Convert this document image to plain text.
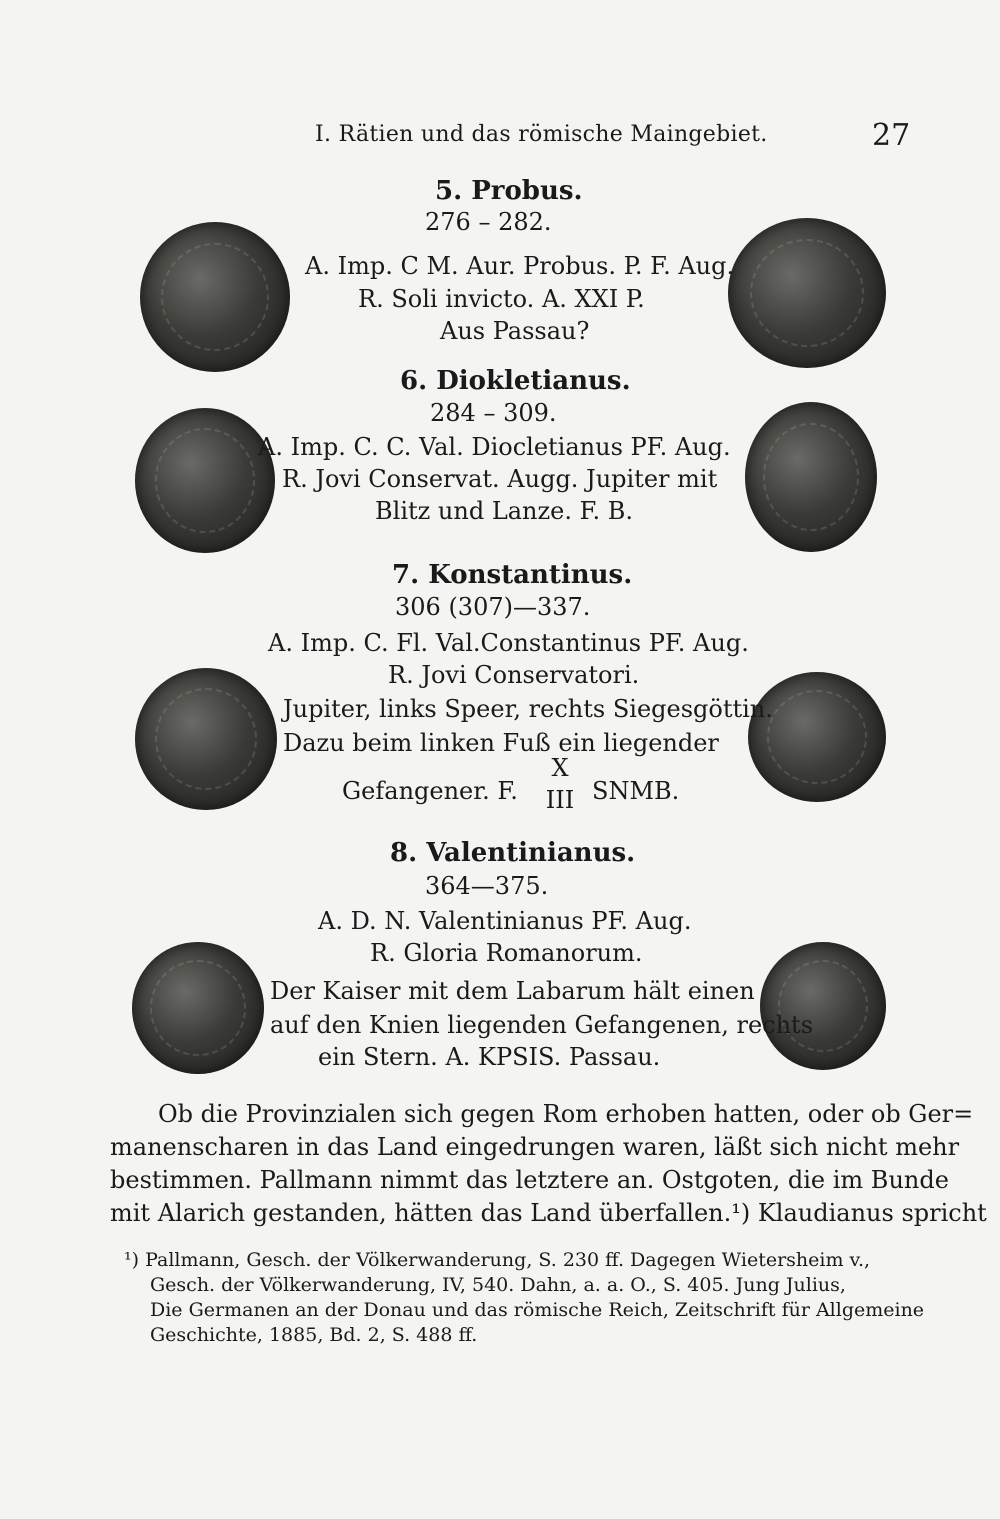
I. Rätien und das römische Maingebiet.	27
5. Probus.
276 – 282.
A. Imp. C M. Aur. Probus. P. F. Aug.
R. Soli invicto. A. XXI P.
Aus Passau?
6. Diokletianus.
284 – 309.
A. Imp. C. C. Val. Diocletianus PF. Aug.
R. Jovi Conservat. Augg. Jupiter mit
Blitz und Lanze. F. B.
7. Konstantinus.
306 (307)—337.
A. Imp. C. Fl. Val.Constantinus PF. Aug.
R. Jovi Conservatori.
Jupiter, links Speer, rechts Siegesgöttin.
Dazu beim linken Fuß ein liegender
Gefangener. F.
X
III SNMB.
8. Valentinianus.
364—375.
A. D. N. Valentinianus PF. Aug.
R. Gloria Romanorum.
Der Kaiser mit dem Labarum hält einen
auf den Knien liegenden Gefangenen, rechts
ein Stern. A. KPSIS. Passau.
Ob die Provinzialen sich gegen Rom erhoben hatten, oder ob Ger=
manenscharen in das Land eingedrungen waren, läßt sich nicht mehr
bestimmen. Pallmann nimmt das letztere an. Ostgoten, die im Bunde
mit Alarich gestanden, hätten das Land überfallen.¹) Klaudianus spricht
¹) Pallmann, Gesch. der Völkerwanderung, S. 230 ff. Dagegen Wietersheim v.,
Gesch. der Völkerwanderung, IV, 540. Dahn, a. a. O., S. 405. Jung Julius,
Die Germanen an der Donau und das römische Reich, Zeitschrift für Allgemeine
Geschichte, 1885, Bd. 2, S. 488 ff.
